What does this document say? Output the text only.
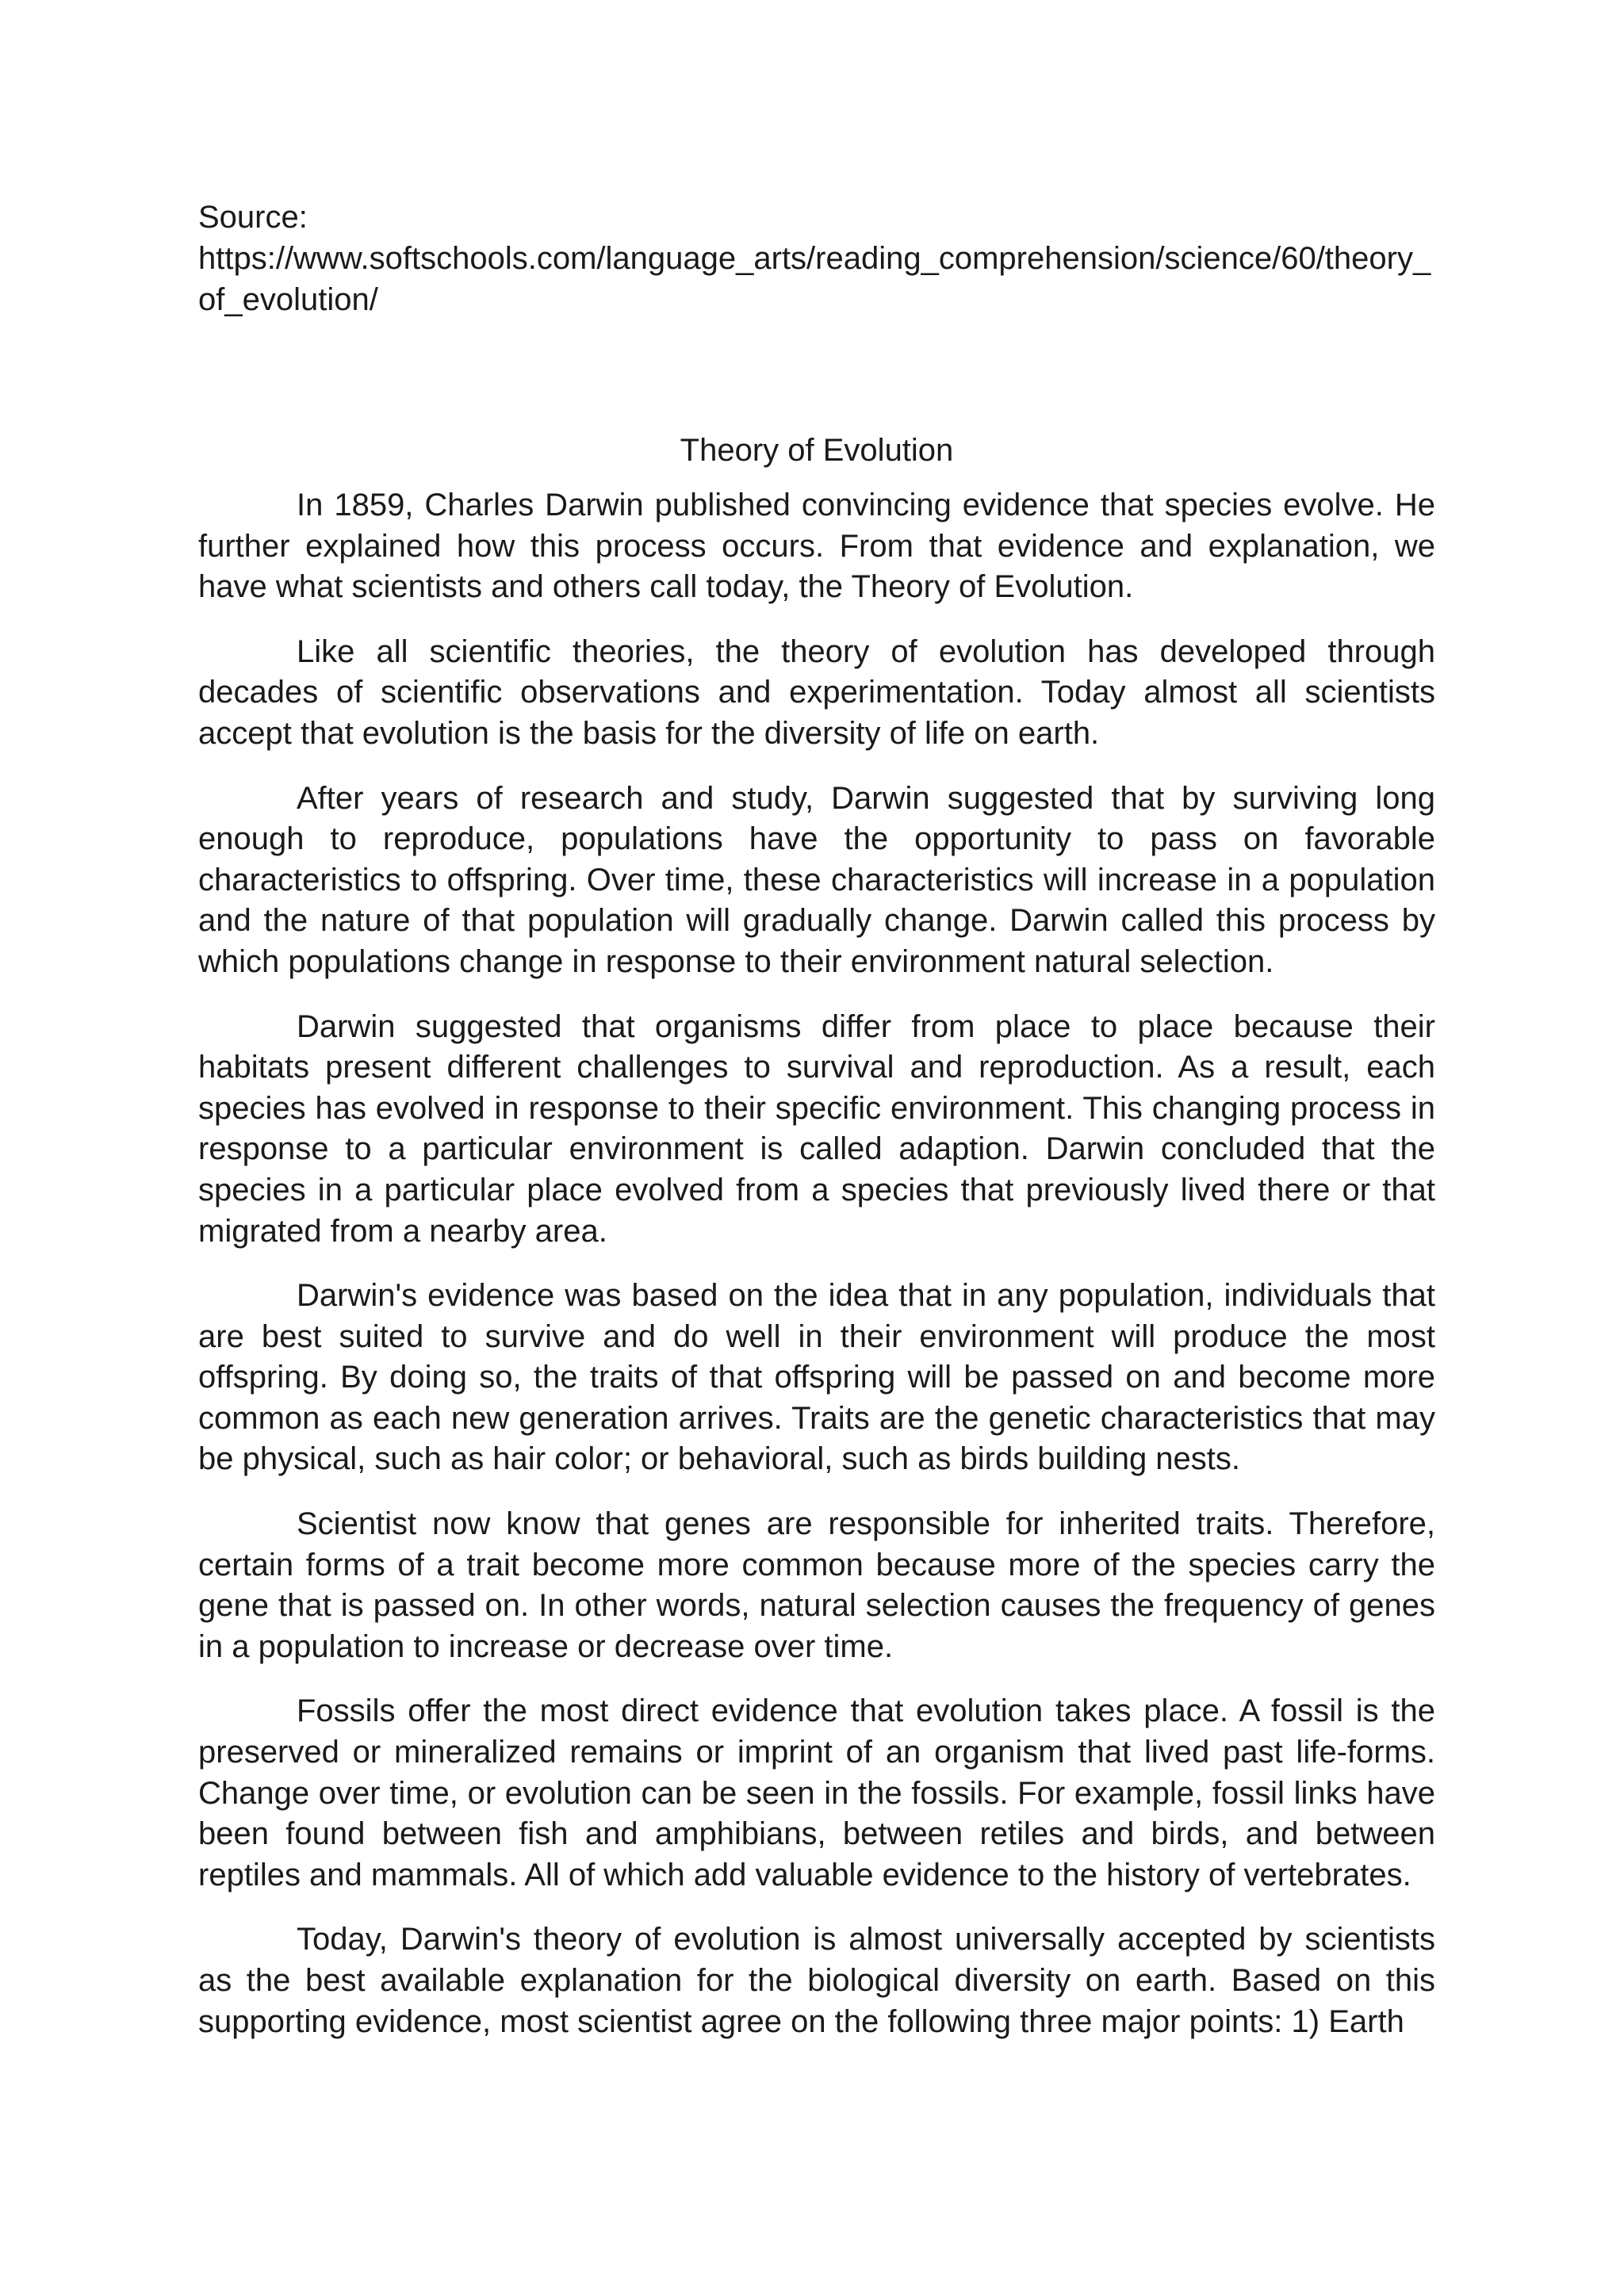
Source:
https://www.softschools.com/language_arts/reading_comprehension/science/60/theory_of_evolution/

Theory of Evolution

In 1859, Charles Darwin published convincing evidence that species evolve. He further explained how this process occurs. From that evidence and explanation, we have what scientists and others call today, the Theory of Evolution.

Like all scientific theories, the theory of evolution has developed through decades of scientific observations and experimentation. Today almost all scientists accept that evolution is the basis for the diversity of life on earth.

After years of research and study, Darwin suggested that by surviving long enough to reproduce, populations have the opportunity to pass on favorable characteristics to offspring. Over time, these characteristics will increase in a population and the nature of that population will gradually change. Darwin called this process by which populations change in response to their environment natural selection.

Darwin suggested that organisms differ from place to place because their habitats present different challenges to survival and reproduction. As a result, each species has evolved in response to their specific environment. This changing process in response to a particular environment is called adaption. Darwin concluded that the species in a particular place evolved from a species that previously lived there or that migrated from a nearby area.

Darwin's evidence was based on the idea that in any population, individuals that are best suited to survive and do well in their environment will produce the most offspring. By doing so, the traits of that offspring will be passed on and become more common as each new generation arrives. Traits are the genetic characteristics that may be physical, such as hair color; or behavioral, such as birds building nests.

Scientist now know that genes are responsible for inherited traits. Therefore, certain forms of a trait become more common because more of the species carry the gene that is passed on. In other words, natural selection causes the frequency of genes in a population to increase or decrease over time.

Fossils offer the most direct evidence that evolution takes place. A fossil is the preserved or mineralized remains or imprint of an organism that lived past life-forms. Change over time, or evolution can be seen in the fossils. For example, fossil links have been found between fish and amphibians, between retiles and birds, and between reptiles and mammals. All of which add valuable evidence to the history of vertebrates.

Today, Darwin's theory of evolution is almost universally accepted by scientists as the best available explanation for the biological diversity on earth. Based on this supporting evidence, most scientist agree on the following three major points: 1) Earth
